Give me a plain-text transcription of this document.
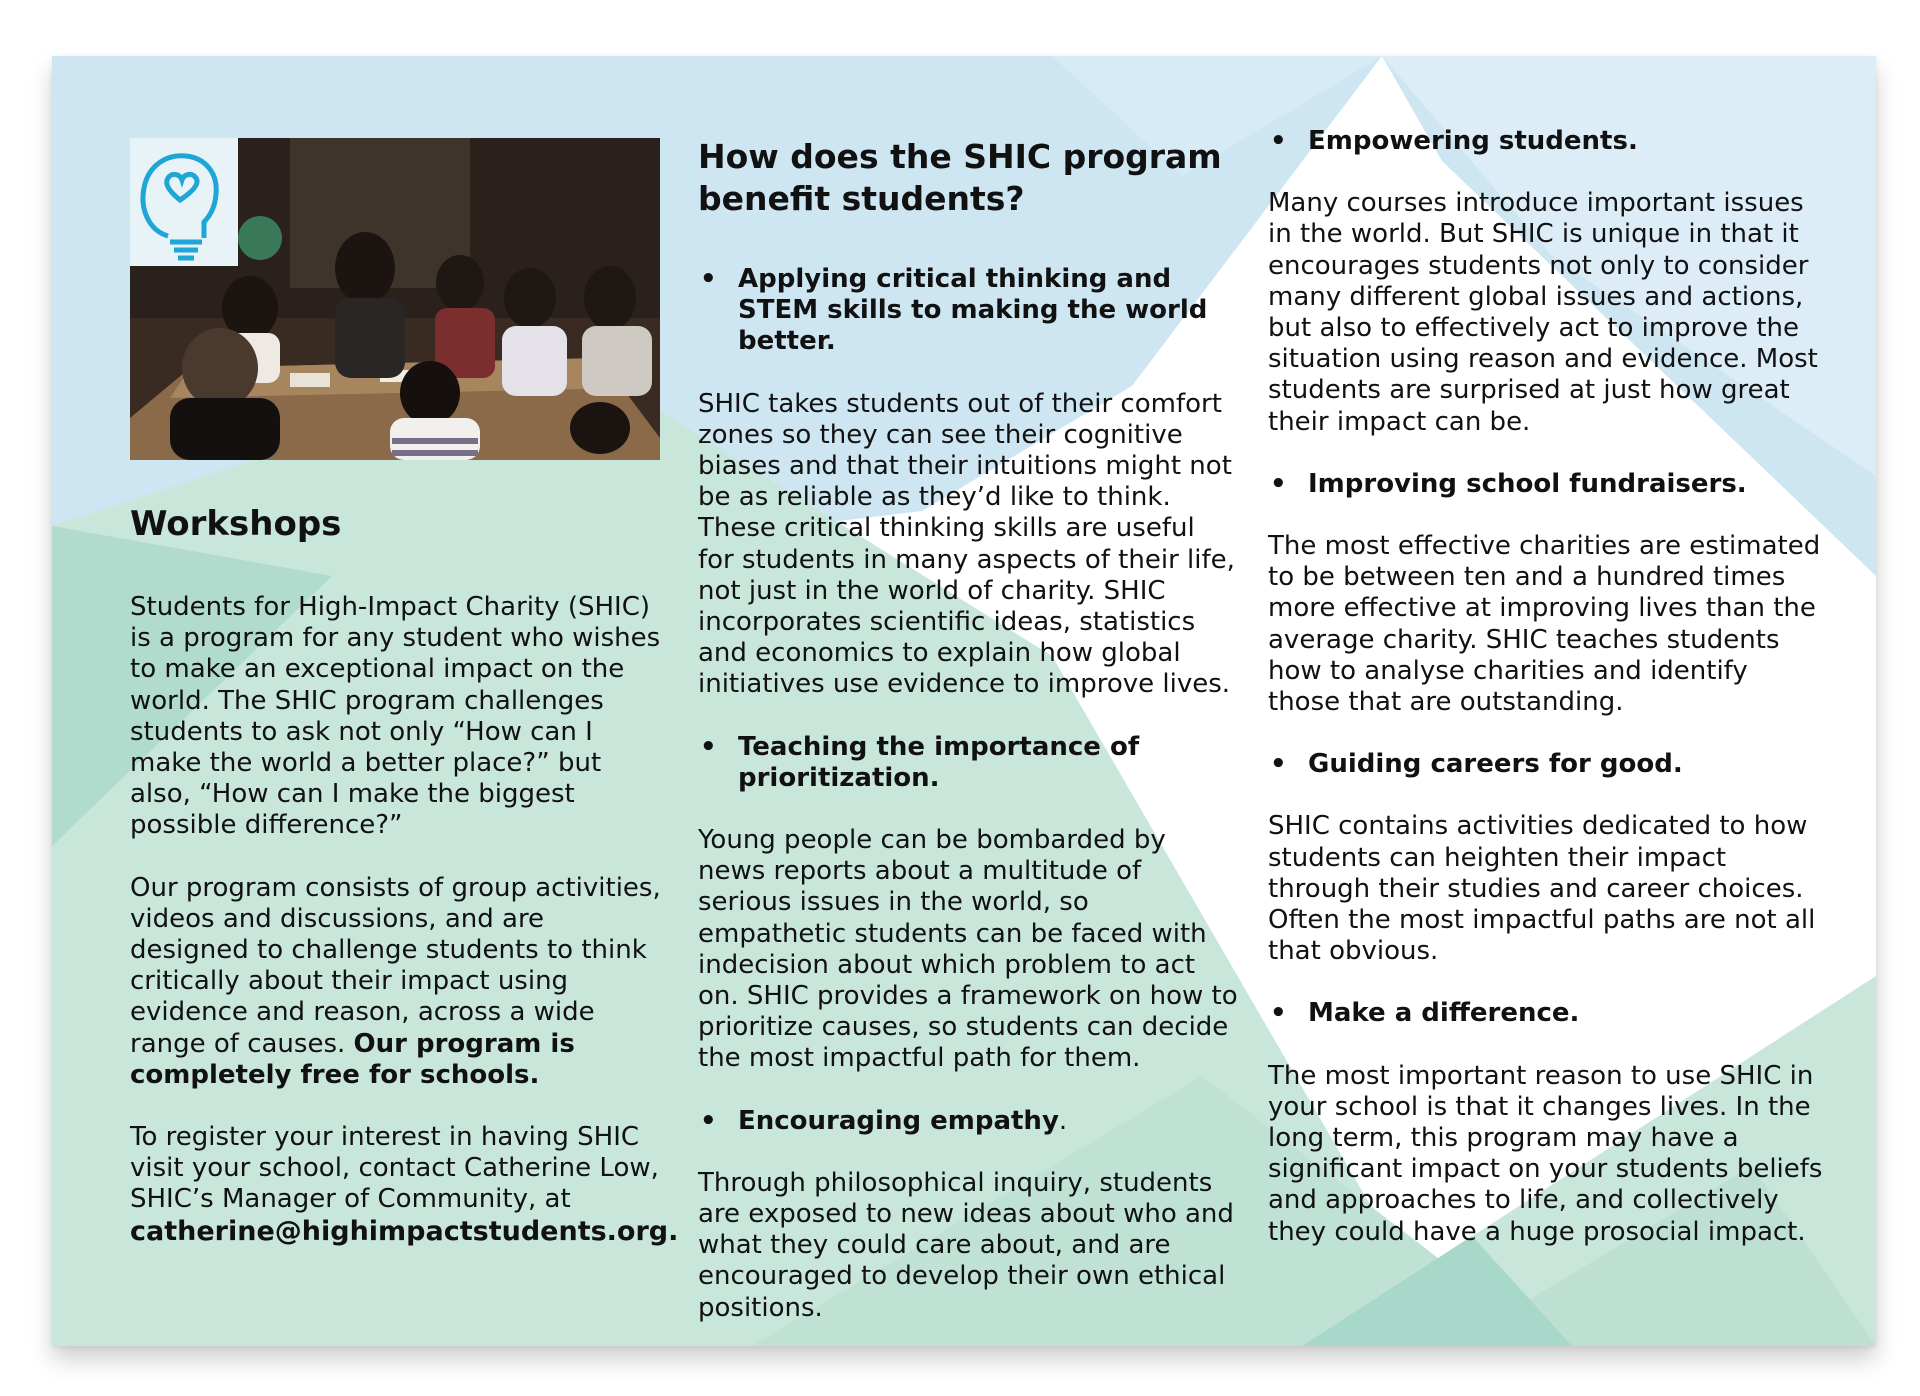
Workshops

Students for High-Impact Charity (SHIC) is a program for any student who wishes to make an exceptional impact on the world. The SHIC program challenges students to ask not only “How can I make the world a better place?” but also, “How can I make the biggest possible difference?”

Our program consists of group activities, videos and discussions, and are designed to challenge students to think critically about their impact using evidence and reason, across a wide range of causes. Our program is completely free for schools.

To register your interest in having SHIC visit your school, contact Catherine Low, SHIC’s Manager of Community, at
catherine@highimpactstudents.org.

How does the SHIC program benefit students?
• Applying critical thinking and STEM skills to making the world better.

SHIC takes students out of their comfort zones so they can see their cognitive biases and that their intuitions might not be as reliable as they’d like to think. These critical thinking skills are useful for students in many aspects of their life, not just in the world of charity. SHIC incorporates scientific ideas, statistics and economics to explain how global initiatives use evidence to improve lives.

• Teaching the importance of prioritization.

Young people can be bombarded by news reports about a multitude of serious issues in the world, so empathetic students can be faced with indecision about which problem to act on. SHIC provides a framework on how to prioritize causes, so students can decide the most impactful path for them.

• Encouraging empathy.

Through philosophical inquiry, students are exposed to new ideas about who and what they could care about, and are encouraged to develop their own ethical positions.

• Empowering students.

Many courses introduce important issues in the world. But SHIC is unique in that it encourages students not only to consider many different global issues and actions, but also to effectively act to improve the situation using reason and evidence. Most students are surprised at just how great their impact can be.

• Improving school fundraisers.

The most effective charities are estimated to be between ten and a hundred times more effective at improving lives than the average charity. SHIC teaches students how to analyse charities and identify those that are outstanding.

• Guiding careers for good.

SHIC contains activities dedicated to how students can heighten their impact through their studies and career choices. Often the most impactful paths are not all that obvious.

• Make a difference.

The most important reason to use SHIC in your school is that it changes lives. In the long term, this program may have a significant impact on your students beliefs and approaches to life, and collectively they could have a huge prosocial impact.
